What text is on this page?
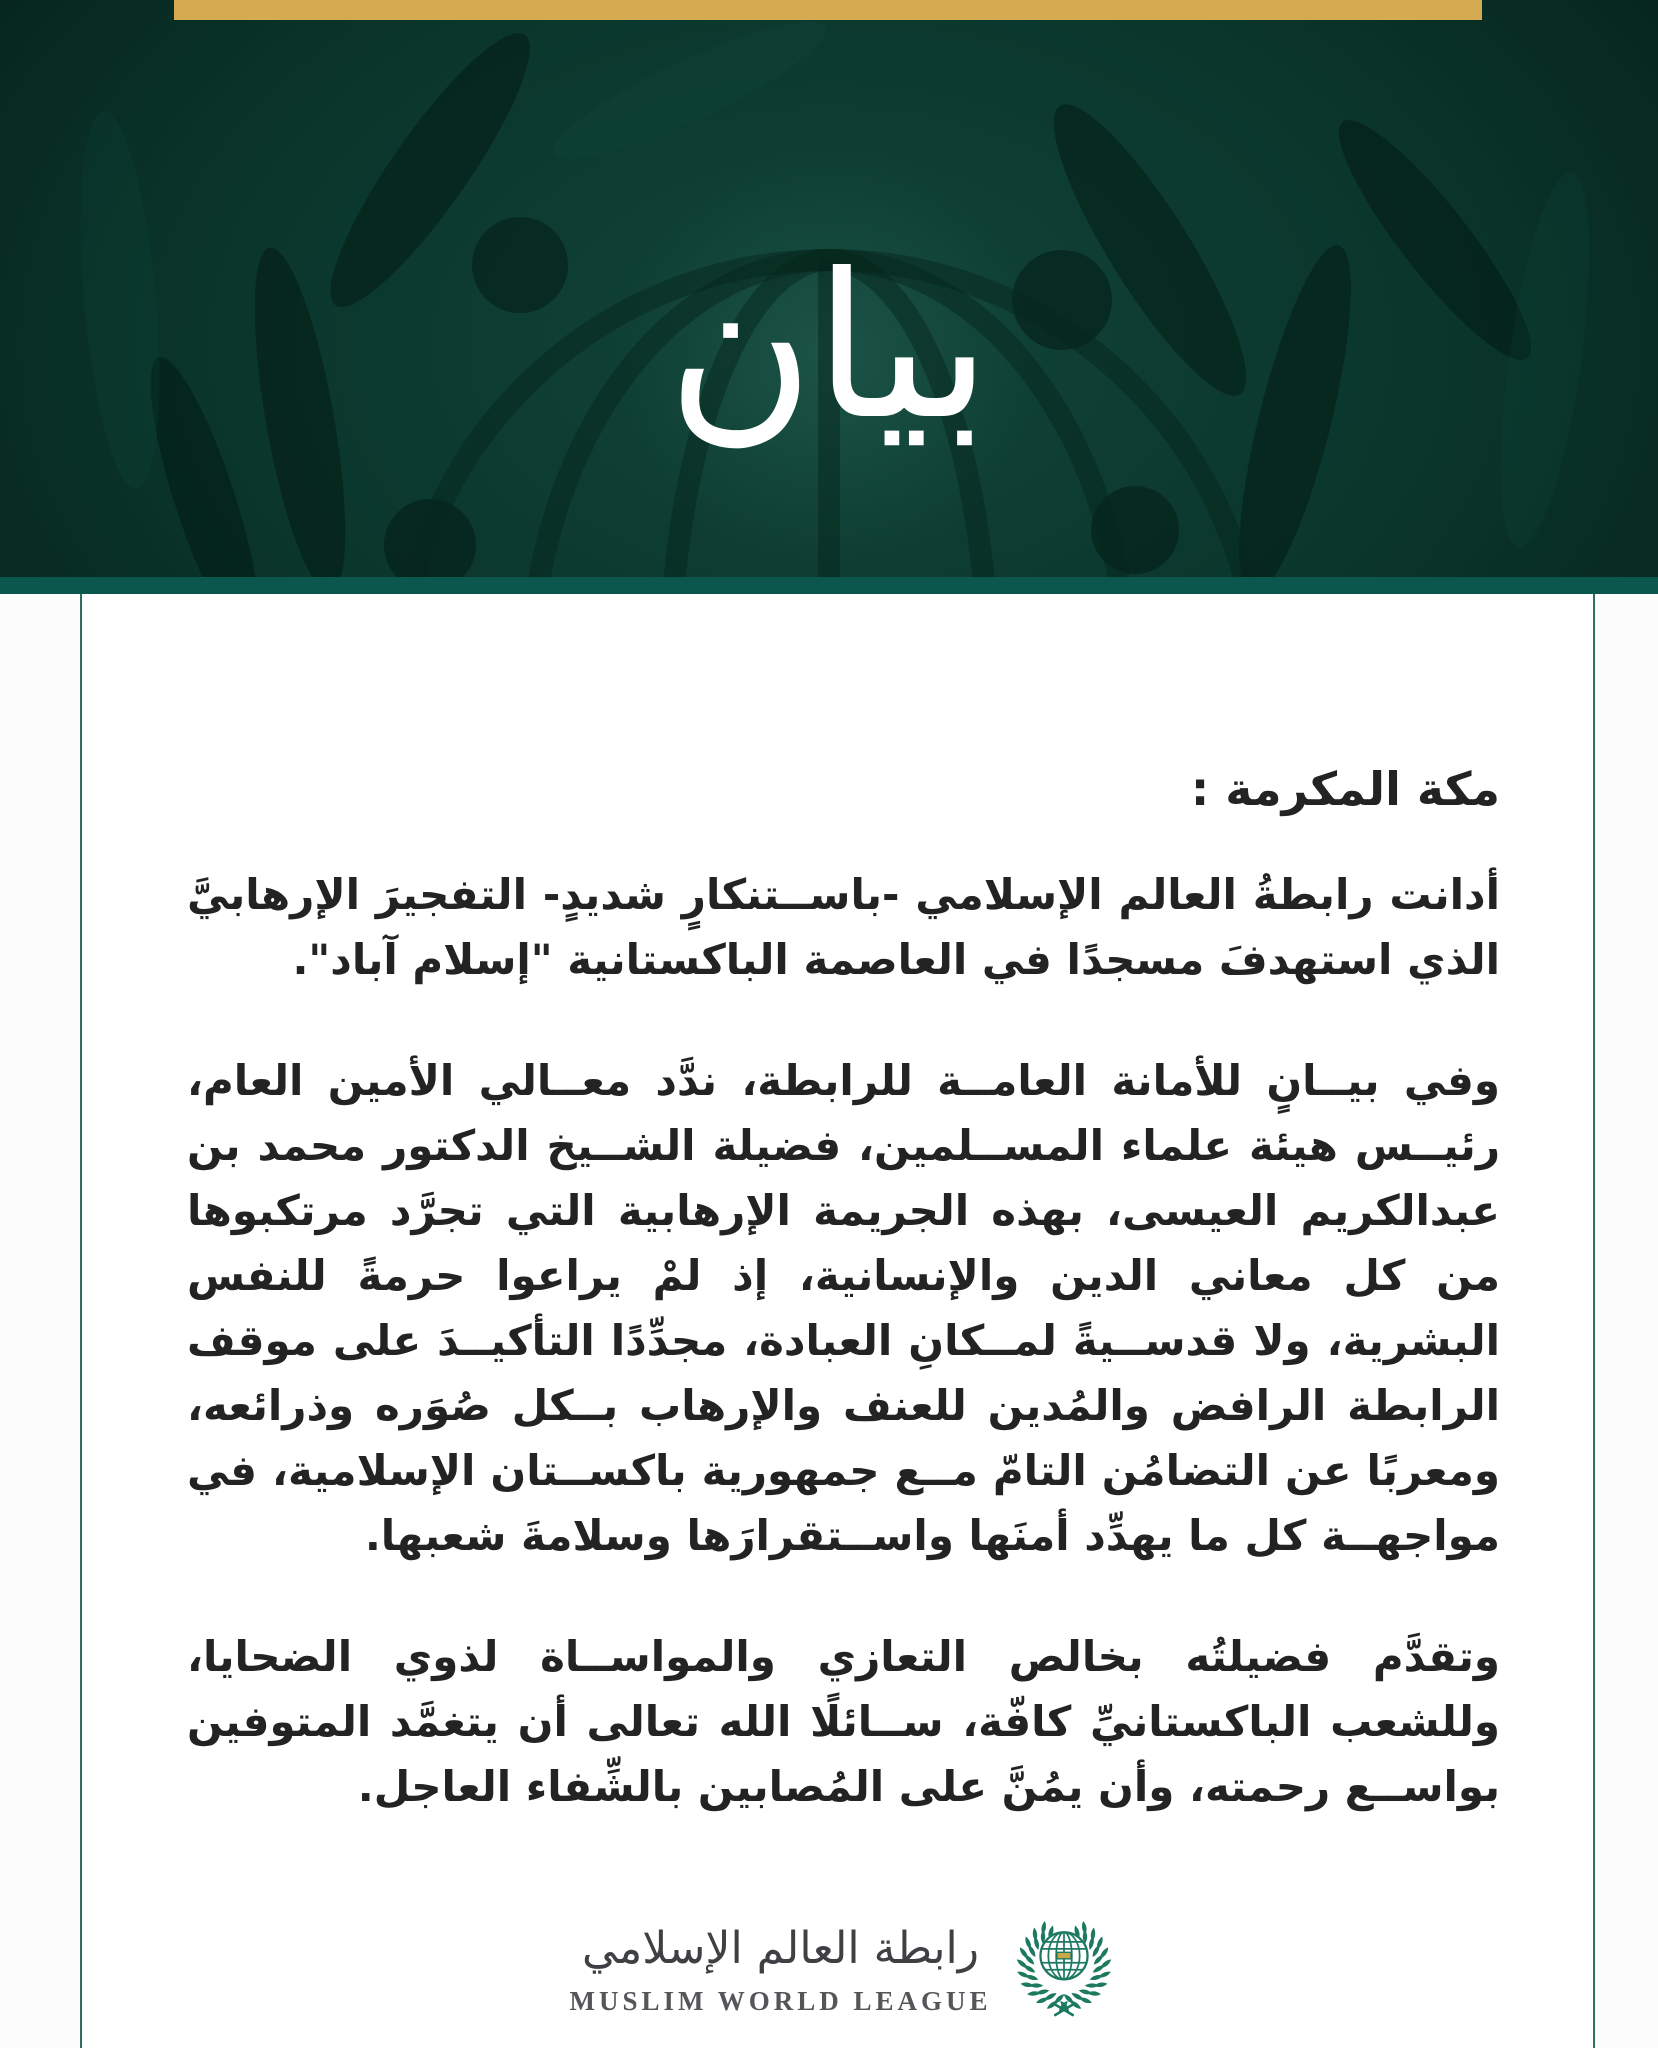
بيان
مكة المكرمة :
أدانت رابطةُ العالم الإسلامي -باســتنكارٍ شديدٍ- التفجيرَ الإرهابيَّ الذي استهدفَ مسجدًا في العاصمة الباكستانية "إسلام آباد".
وفي بيــانٍ للأمانة العامــة للرابطة، ندَّد معــالي الأمين العام، رئيــس هيئة علماء المســلمين، فضيلة الشــيخ الدكتور محمد بن عبدالكريم العيسى، بهذه الجريمة الإرهابية التي تجرَّد مرتكبوها من كل معاني الدين والإنسانية، إذ لمْ يراعوا حرمةً للنفس البشرية، ولا قدســيةً لمــكانِ العبادة، مجدِّدًا التأكيــدَ على موقف الرابطة الرافض والمُدين للعنف والإرهاب بــكل صُوَره وذرائعه، ومعربًا عن التضامُن التامّ مــع جمهورية باكســتان الإسلامية، في مواجهــة كل ما يهدِّد أمنَها واســتقرارَها وسلامةَ شعبها.
وتقدَّم فضيلتُه بخالص التعازي والمواســاة لذوي الضحايا، وللشعب الباكستانيِّ كافّة، ســائلًا الله تعالى أن يتغمَّد المتوفين بواســع رحمته، وأن يمُنَّ على المُصابين بالشِّفاء العاجل.
رابطة العالم الإسلامي
MUSLIM WORLD LEAGUE
